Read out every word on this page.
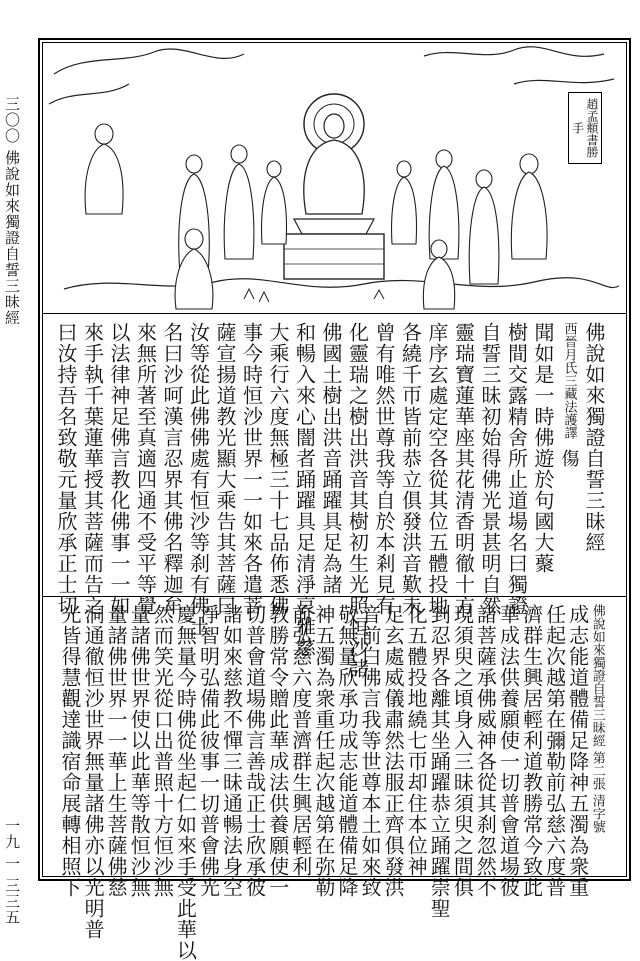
三〇〇 佛說如來獨證自誓三昧經
一九 一 三三五
趙孟頫書勝手
佛說如來獨證自誓三昧經
西晉月氏三藏法護譯傷
聞如是一時佛遊於句國大藂
樹間交露精舍所止道場名曰獨證
自誓三昧初始得佛光景甚明自然
靈瑞寶蓮華座其花清香明徹十方
庠序玄處定空各從其位五體投地
各繞千帀皆前恭立俱發洪音歎未
曾有唯然世尊我等自於本剎見有
化靈瑞之樹出洪音其樹初生光照恒沙諸
佛國土樹出洪音踊躍具足為諸
和暢入來心闇者踊躍具足清淨哀雅慈
大乘行六度無極三十七品佈悉佛
事今時恒沙世界一一如來各遣菩
薩宣揚道教光顯大乘告其菩薩曰
汝等從此佛佛處有恒沙等刹有佛土
名曰沙呵漢言忍界其佛名釋迦牟
來無所著至真適四通不受平等覺
以法律神足佛言教化佛事一一如
來手執千葉蓮華授其菩薩而告之
曰汝持吾名致敬元量欣承正士切
佛說如來獨證自誓三昧經 第二張 清字號
成志能道體備足降神五濁為衆重
任起次越第在彌勒前弘慈六度普
濟群生興居輕利道教勝常今致此
華成法供養願使一切普會道場彼
諸菩薩承佛威神各從其刹忽然不
現須臾之頃身入三昧須臾之間俱
到忍界各離其坐踊躍恭立踊躍崇聖
化五體投地繞七帀却住本位神
足玄處威儀肅然法服正齊俱發洪
音前白佛言我等世尊本土如來致
敬無量欣承功成志能道體備足降
神五濁為衆重任起次越第在弥勒
前弘慈六度普濟群生興居輕利
教勝常令贈此華成法供養願使一
切普會道場佛言善哉正士欣承彼
諸如來慈教不憚三昧通暢法身空
淨智明弘備此彼事一切普會佛光
慶無量今時佛從坐起仁如來手受此華以
然而笑光從口出普照十方恒沙無
量諸佛世界使以此華等散恒沙無
量諸佛世界一一華上生菩薩佛慈
洞通徹恒沙世界無量諸佛亦以光明普
光皆得慧觀達識宿命展轉相照下
